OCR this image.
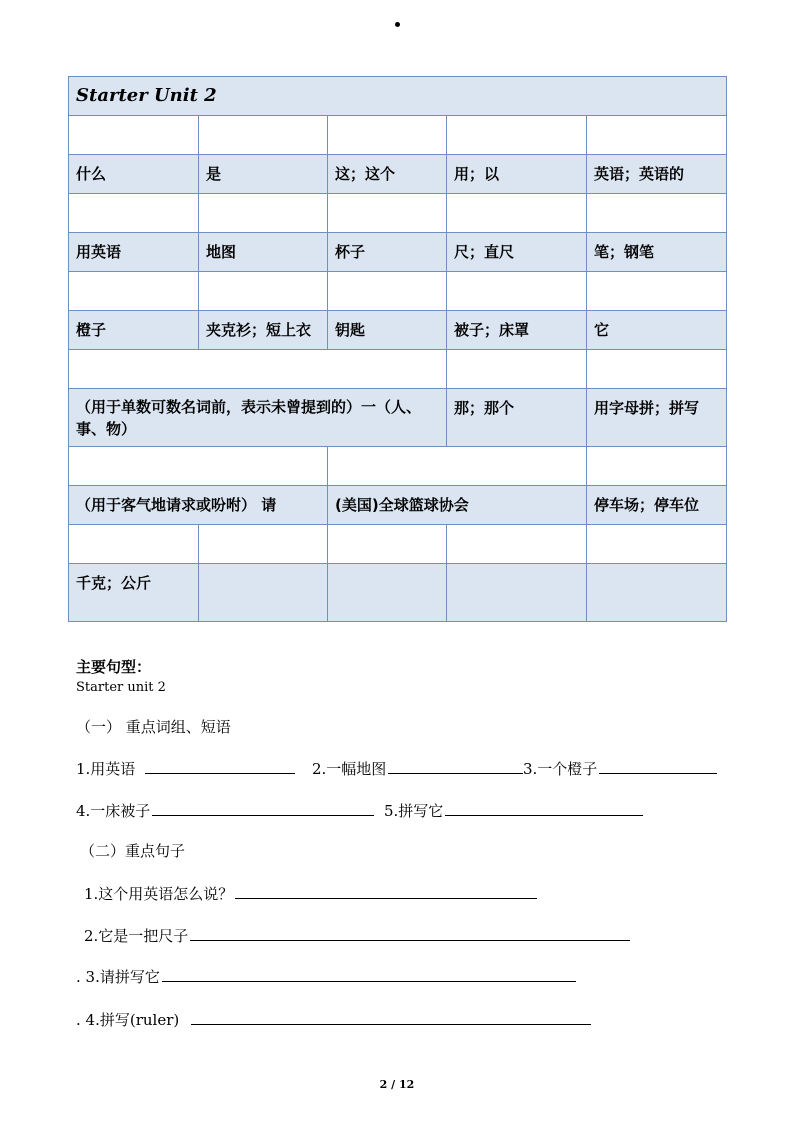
Starter Unit 2				

什么	是	这；这个	用；以	英语；英语的

用英语	地图	杯子	尺；直尺	笔；钢笔

橙子	夹克衫；短上衣	钥匙	被子；床罩	它

（用于单数可数名词前，表示未曾提到的）一（人、事、物）			那；那个	用字母拼；拼写

（用于客气地请求或吩咐） 请		(美国)全球篮球协会		停车场；停车位

千克；公斤				
主要句型：
Starter unit 2
（一） 重点词组、短语
1.用英语	2.一幅地图	3.一个橙子
4.一床被子	5.拼写它
（二）重点句子
1.这个用英语怎么说？
2.它是一把尺子
. 3.请拼写它
. 4.拼写(ruler)
2 / 12
